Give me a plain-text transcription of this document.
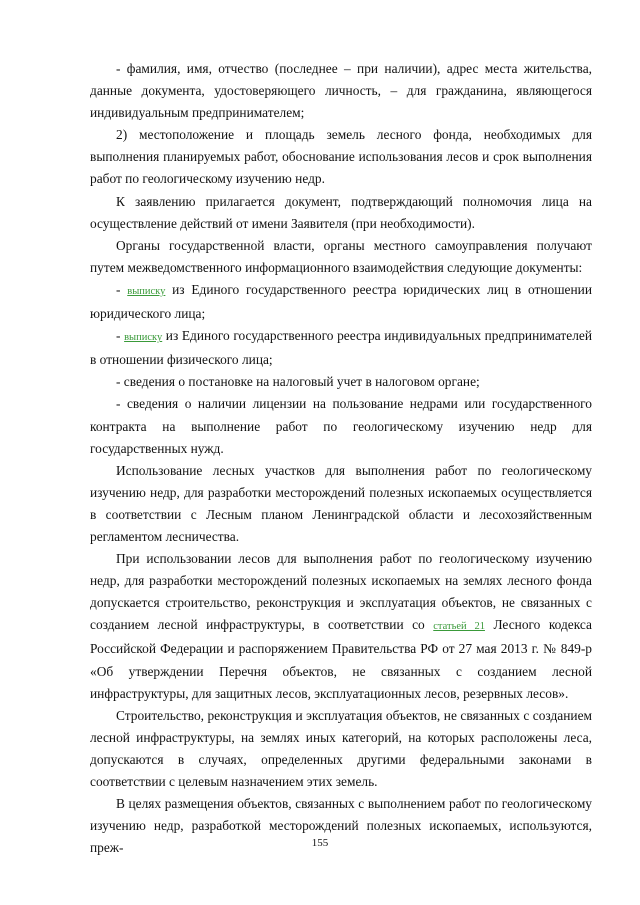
- фамилия, имя, отчество (последнее – при наличии), адрес места жительства, данные документа, удостоверяющего личность, – для гражданина, являющегося индивидуальным предпринимателем;

2) местоположение и площадь земель лесного фонда, необходимых для выполнения планируемых работ, обоснование использования лесов и срок выполнения работ по геологическому изучению недр.

К заявлению прилагается документ, подтверждающий полномочия лица на осуществление действий от имени Заявителя (при необходимости).

Органы государственной власти, органы местного самоуправления получают путем межведомственного информационного взаимодействия следующие документы:

- выписку из Единого государственного реестра юридических лиц в отношении юридического лица;

- выписку из Единого государственного реестра индивидуальных предпринимателей в отношении физического лица;

- сведения о постановке на налоговый учет в налоговом органе;

- сведения о наличии лицензии на пользование недрами или государственного контракта на выполнение работ по геологическому изучению недр для государственных нужд.

Использование лесных участков для выполнения работ по геологическому изучению недр, для разработки месторождений полезных ископаемых осуществляется в соответствии с Лесным планом Ленинградской области и лесохозяйственным регламентом лесничества.

При использовании лесов для выполнения работ по геологическому изучению недр, для разработки месторождений полезных ископаемых на землях лесного фонда допускается строительство, реконструкция и эксплуатация объектов, не связанных с созданием лесной инфраструктуры, в соответствии со статьей 21 Лесного кодекса Российской Федерации и распоряжением Правительства РФ от 27 мая 2013 г. № 849-р «Об утверждении Перечня объектов, не связанных с созданием лесной инфраструктуры, для защитных лесов, эксплуатационных лесов, резервных лесов».

Строительство, реконструкция и эксплуатация объектов, не связанных с созданием лесной инфраструктуры, на землях иных категорий, на которых расположены леса, допускаются в случаях, определенных другими федеральными законами в соответствии с целевым назначением этих земель.

В целях размещения объектов, связанных с выполнением работ по геологическому изучению недр, разработкой месторождений полезных ископаемых, используются, преж-	155
